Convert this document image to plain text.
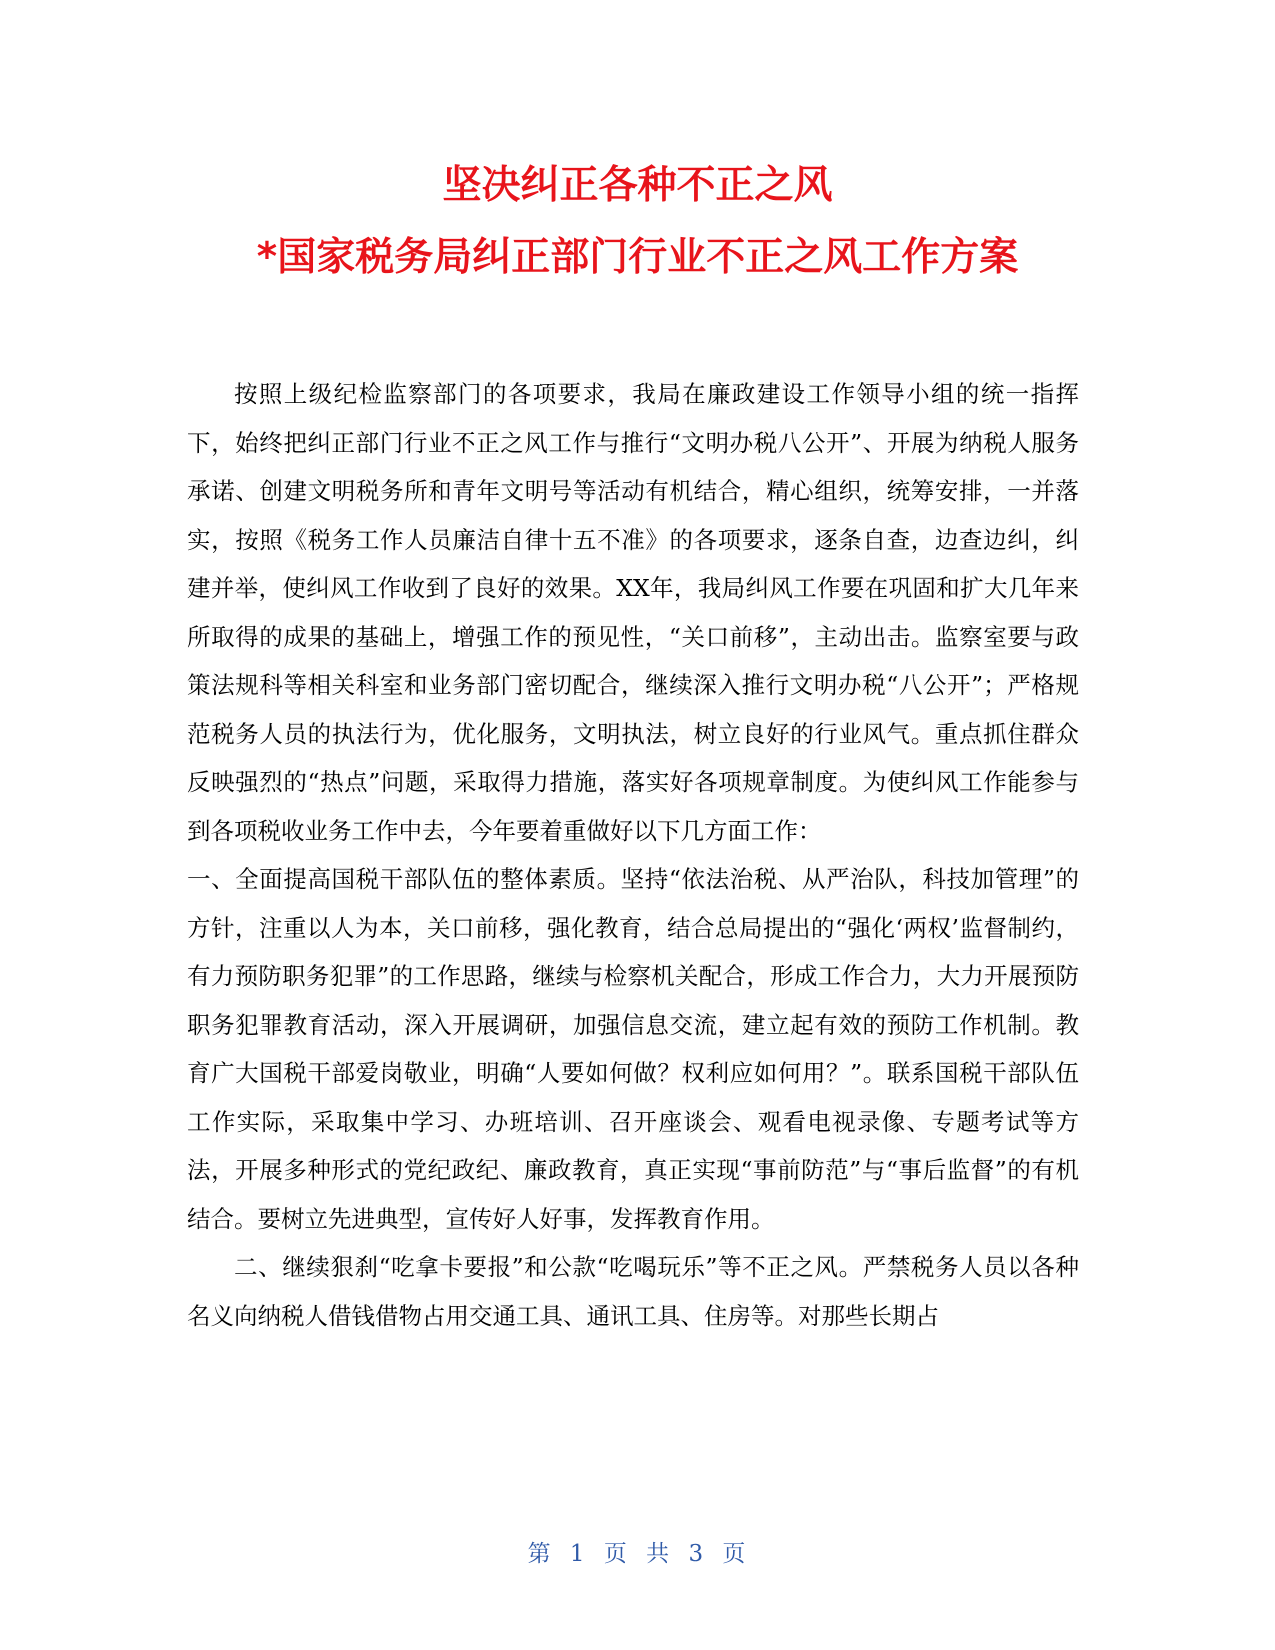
坚决纠正各种不正之风
*国家税务局纠正部门行业不正之风工作方案

按照上级纪检监察部门的各项要求，我局在廉政建设工作领导小组的统一指挥下，始终把纠正部门行业不正之风工作与推行“文明办税八公开”、开展为纳税人服务承诺、创建文明税务所和青年文明号等活动有机结合，精心组织，统筹安排，一并落实，按照《税务工作人员廉洁自律十五不准》的各项要求，逐条自查，边查边纠，纠建并举，使纠风工作收到了良好的效果。XX年，我局纠风工作要在巩固和扩大几年来所取得的成果的基础上，增强工作的预见性，“关口前移”，主动出击。监察室要与政策法规科等相关科室和业务部门密切配合，继续深入推行文明办税“八公开”；严格规范税务人员的执法行为，优化服务，文明执法，树立良好的行业风气。重点抓住群众反映强烈的“热点”问题，采取得力措施，落实好各项规章制度。为使纠风工作能参与到各项税收业务工作中去，今年要着重做好以下几方面工作：

一、全面提高国税干部队伍的整体素质。坚持“依法治税、从严治队，科技加管理”的方针，注重以人为本，关口前移，强化教育，结合总局提出的“强化‘两权’监督制约，有力预防职务犯罪”的工作思路，继续与检察机关配合，形成工作合力，大力开展预防职务犯罪教育活动，深入开展调研，加强信息交流，建立起有效的预防工作机制。教育广大国税干部爱岗敬业，明确“人要如何做？权利应如何用？”。联系国税干部队伍工作实际，采取集中学习、办班培训、召开座谈会、观看电视录像、专题考试等方法，开展多种形式的党纪政纪、廉政教育，真正实现“事前防范”与“事后监督”的有机结合。要树立先进典型，宣传好人好事，发挥教育作用。

二、继续狠刹“吃拿卡要报”和公款“吃喝玩乐”等不正之风。严禁税务人员以各种名义向纳税人借钱借物占用交通工具、通讯工具、住房等。对那些长期占

第 1 页 共 3 页
